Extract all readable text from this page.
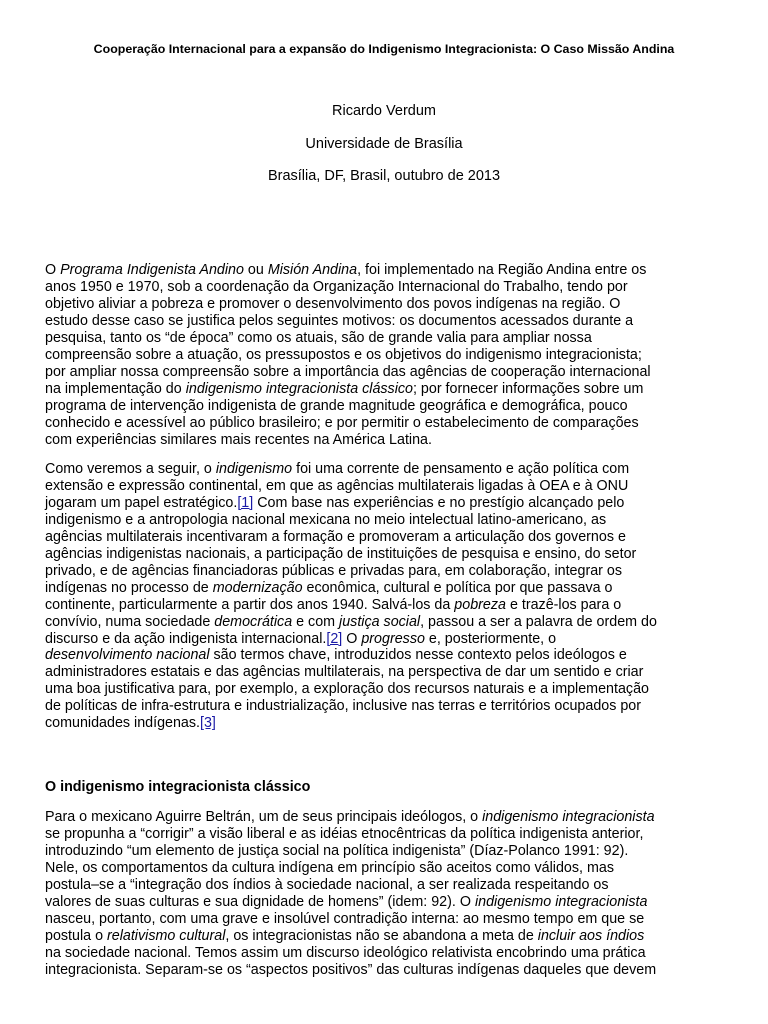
Cooperação Internacional para a expansão do Indigenismo Integracionista: O Caso Missão Andina
Ricardo Verdum
Universidade de Brasília
Brasília, DF, Brasil, outubro de 2013
O Programa Indigenista Andino ou Misión Andina, foi implementado na Região Andina entre os
anos 1950 e 1970, sob a coordenação da Organização Internacional do Trabalho, tendo por
objetivo aliviar a pobreza e promover o desenvolvimento dos povos indígenas na região. O
estudo desse caso se justifica pelos seguintes motivos: os documentos acessados durante a
pesquisa, tanto os “de época” como os atuais, são de grande valia para ampliar nossa
compreensão sobre a atuação, os pressupostos e os objetivos do indigenismo integracionista;
por ampliar nossa compreensão sobre a importância das agências de cooperação internacional
na implementação do indigenismo integracionista clássico; por fornecer informações sobre um
programa de intervenção indigenista de grande magnitude geográfica e demográfica, pouco
conhecido e acessível ao público brasileiro; e por permitir o estabelecimento de comparações
com experiências similares mais recentes na América Latina.
Como veremos a seguir, o indigenismo foi uma corrente de pensamento e ação política com
extensão e expressão continental, em que as agências multilaterais ligadas à OEA e à ONU
jogaram um papel estratégico.[1] Com base nas experiências e no prestígio alcançado pelo
indigenismo e a antropologia nacional mexicana no meio intelectual latino-americano, as
agências multilaterais incentivaram a formação e promoveram a articulação dos governos e
agências indigenistas nacionais, a participação de instituições de pesquisa e ensino, do setor
privado, e de agências financiadoras públicas e privadas para, em colaboração, integrar os
indígenas no processo de modernização econômica, cultural e política por que passava o
continente, particularmente a partir dos anos 1940. Salvá-los da pobreza e trazê-los para o
convívio, numa sociedade democrática e com justiça social, passou a ser a palavra de ordem do
discurso e da ação indigenista internacional.[2] O progresso e, posteriormente, o
desenvolvimento nacional são termos chave, introduzidos nesse contexto pelos ideólogos e
administradores estatais e das agências multilaterais, na perspectiva de dar um sentido e criar
uma boa justificativa para, por exemplo, a exploração dos recursos naturais e a implementação
de políticas de infra-estrutura e industrialização, inclusive nas terras e territórios ocupados por
comunidades indígenas.[3]
O indigenismo integracionista clássico
Para o mexicano Aguirre Beltrán, um de seus principais ideólogos, o indigenismo integracionista
se propunha a “corrigir” a visão liberal e as idéias etnocêntricas da política indigenista anterior,
introduzindo “um elemento de justiça social na política indigenista” (Díaz-Polanco 1991: 92).
Nele, os comportamentos da cultura indígena em princípio são aceitos como válidos, mas
postula–se a “integração dos índios à sociedade nacional, a ser realizada respeitando os
valores de suas culturas e sua dignidade de homens” (idem: 92). O indigenismo integracionista
nasceu, portanto, com uma grave e insolúvel contradição interna: ao mesmo tempo em que se
postula o relativismo cultural, os integracionistas não se abandona a meta de incluir aos índios
na sociedade nacional. Temos assim um discurso ideológico relativista encobrindo uma prática
integracionista. Separam-se os “aspectos positivos” das culturas indígenas daqueles que devem
